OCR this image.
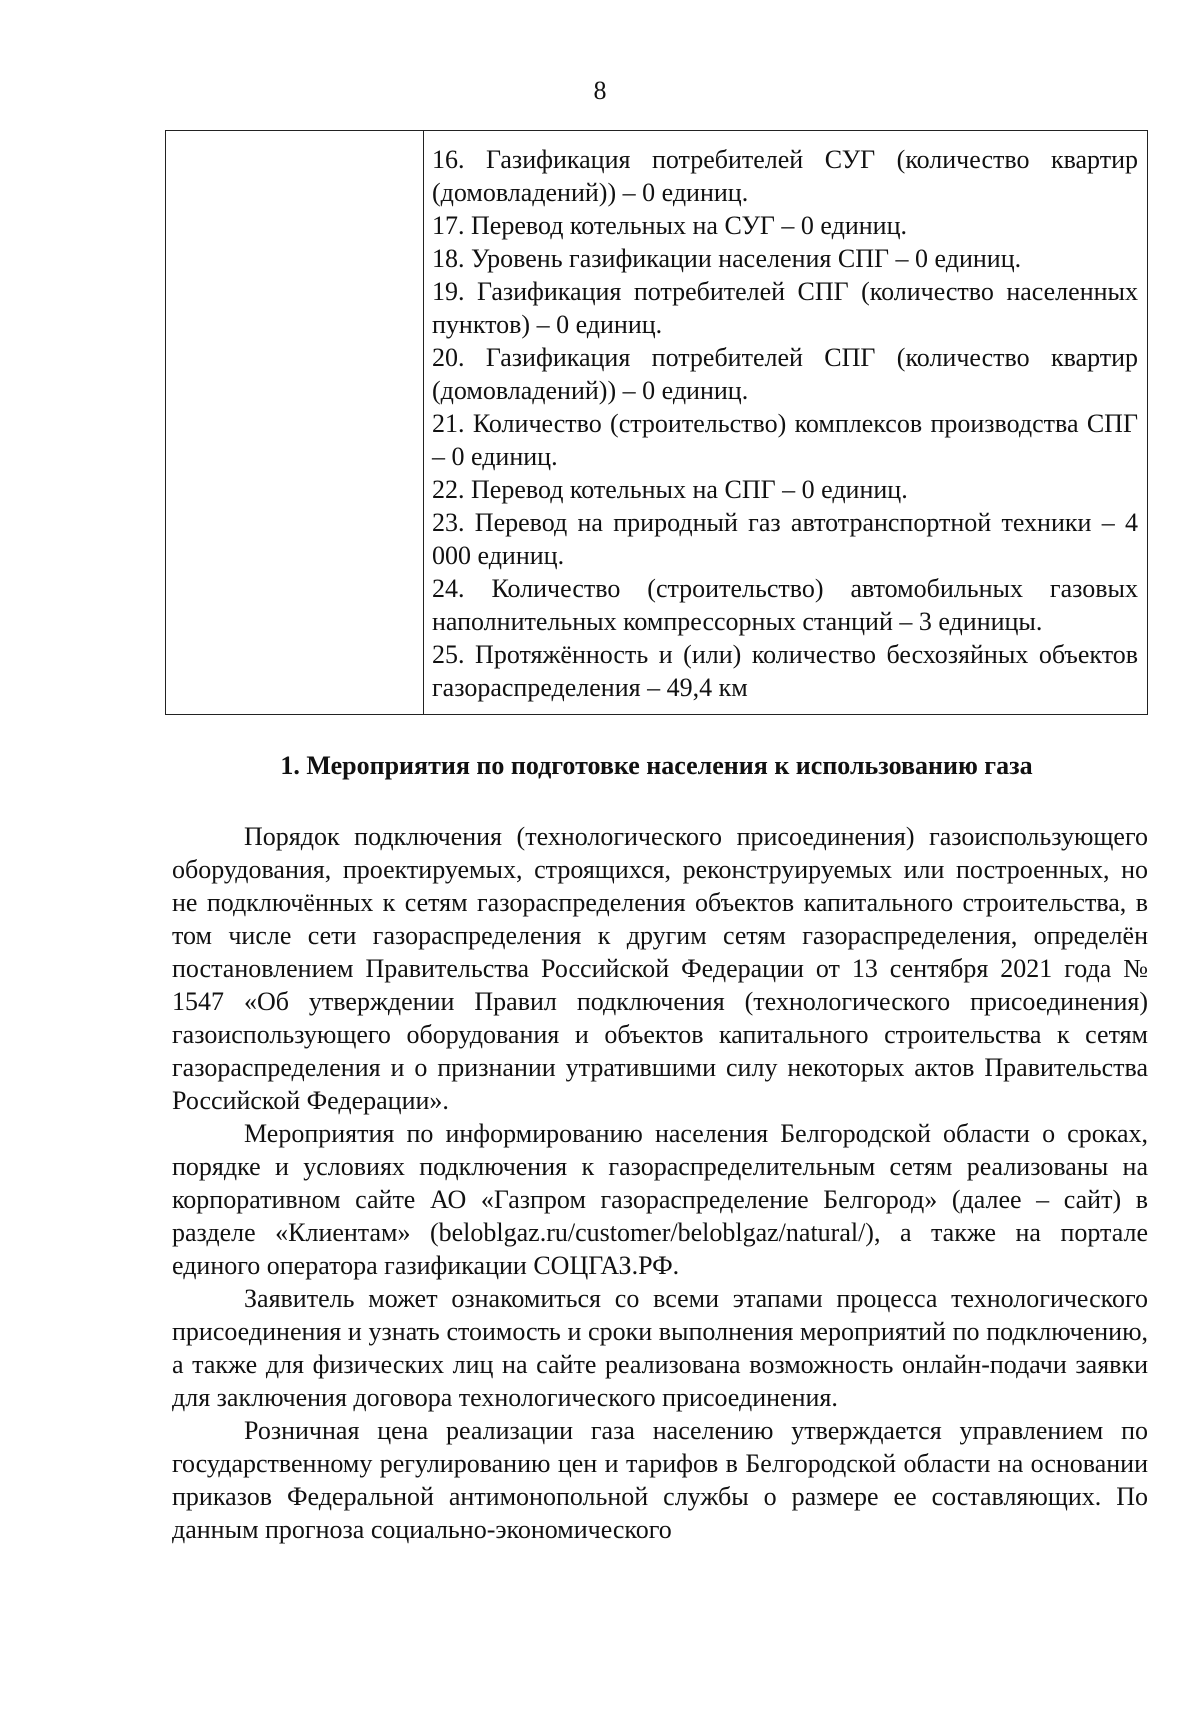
8
16. Газификация потребителей СУГ (количество квартир (домовладений)) – 0 единиц.
17. Перевод котельных на СУГ – 0 единиц.
18. Уровень газификации населения СПГ – 0 единиц.
19. Газификация потребителей СПГ (количество населенных пунктов) – 0 единиц.
20. Газификация потребителей СПГ (количество квартир (домовладений)) – 0 единиц.
21. Количество (строительство) комплексов производства СПГ – 0 единиц.
22. Перевод котельных на СПГ – 0 единиц.
23. Перевод на природный газ автотранспортной техники – 4 000 единиц.
24. Количество (строительство) автомобильных газовых наполнительных компрессорных станций – 3 единицы.
25. Протяжённость и (или) количество бесхозяйных объектов газораспределения – 49,4 км
1. Мероприятия по подготовке населения к использованию газа

Порядок подключения (технологического присоединения) газоиспользующего оборудования, проектируемых, строящихся, реконструируемых или построенных, но не подключённых к сетям газораспределения объектов капитального строительства, в том числе сети газораспределения к другим сетям газораспределения, определён постановлением Правительства Российской Федерации от 13 сентября 2021 года № 1547 «Об утверждении Правил подключения (технологического присоединения) газоиспользующего оборудования и объектов капитального строительства к сетям газораспределения и о признании утратившими силу некоторых актов Правительства Российской Федерации».

Мероприятия по информированию населения Белгородской области о сроках, порядке и условиях подключения к газораспределительным сетям реализованы на корпоративном сайте АО «Газпром газораспределение Белгород» (далее – сайт) в разделе «Клиентам» (beloblgaz.ru/customer/beloblgaz/natural/), а также на портале единого оператора газификации СОЦГАЗ.РФ.

Заявитель может ознакомиться со всеми этапами процесса технологического присоединения и узнать стоимость и сроки выполнения мероприятий по подключению, а также для физических лиц на сайте реализована возможность онлайн-подачи заявки для заключения договора технологического присоединения.

Розничная цена реализации газа населению утверждается управлением по государственному регулированию цен и тарифов в Белгородской области на основании приказов Федеральной антимонопольной службы о размере ее составляющих. По данным прогноза социально-экономического
